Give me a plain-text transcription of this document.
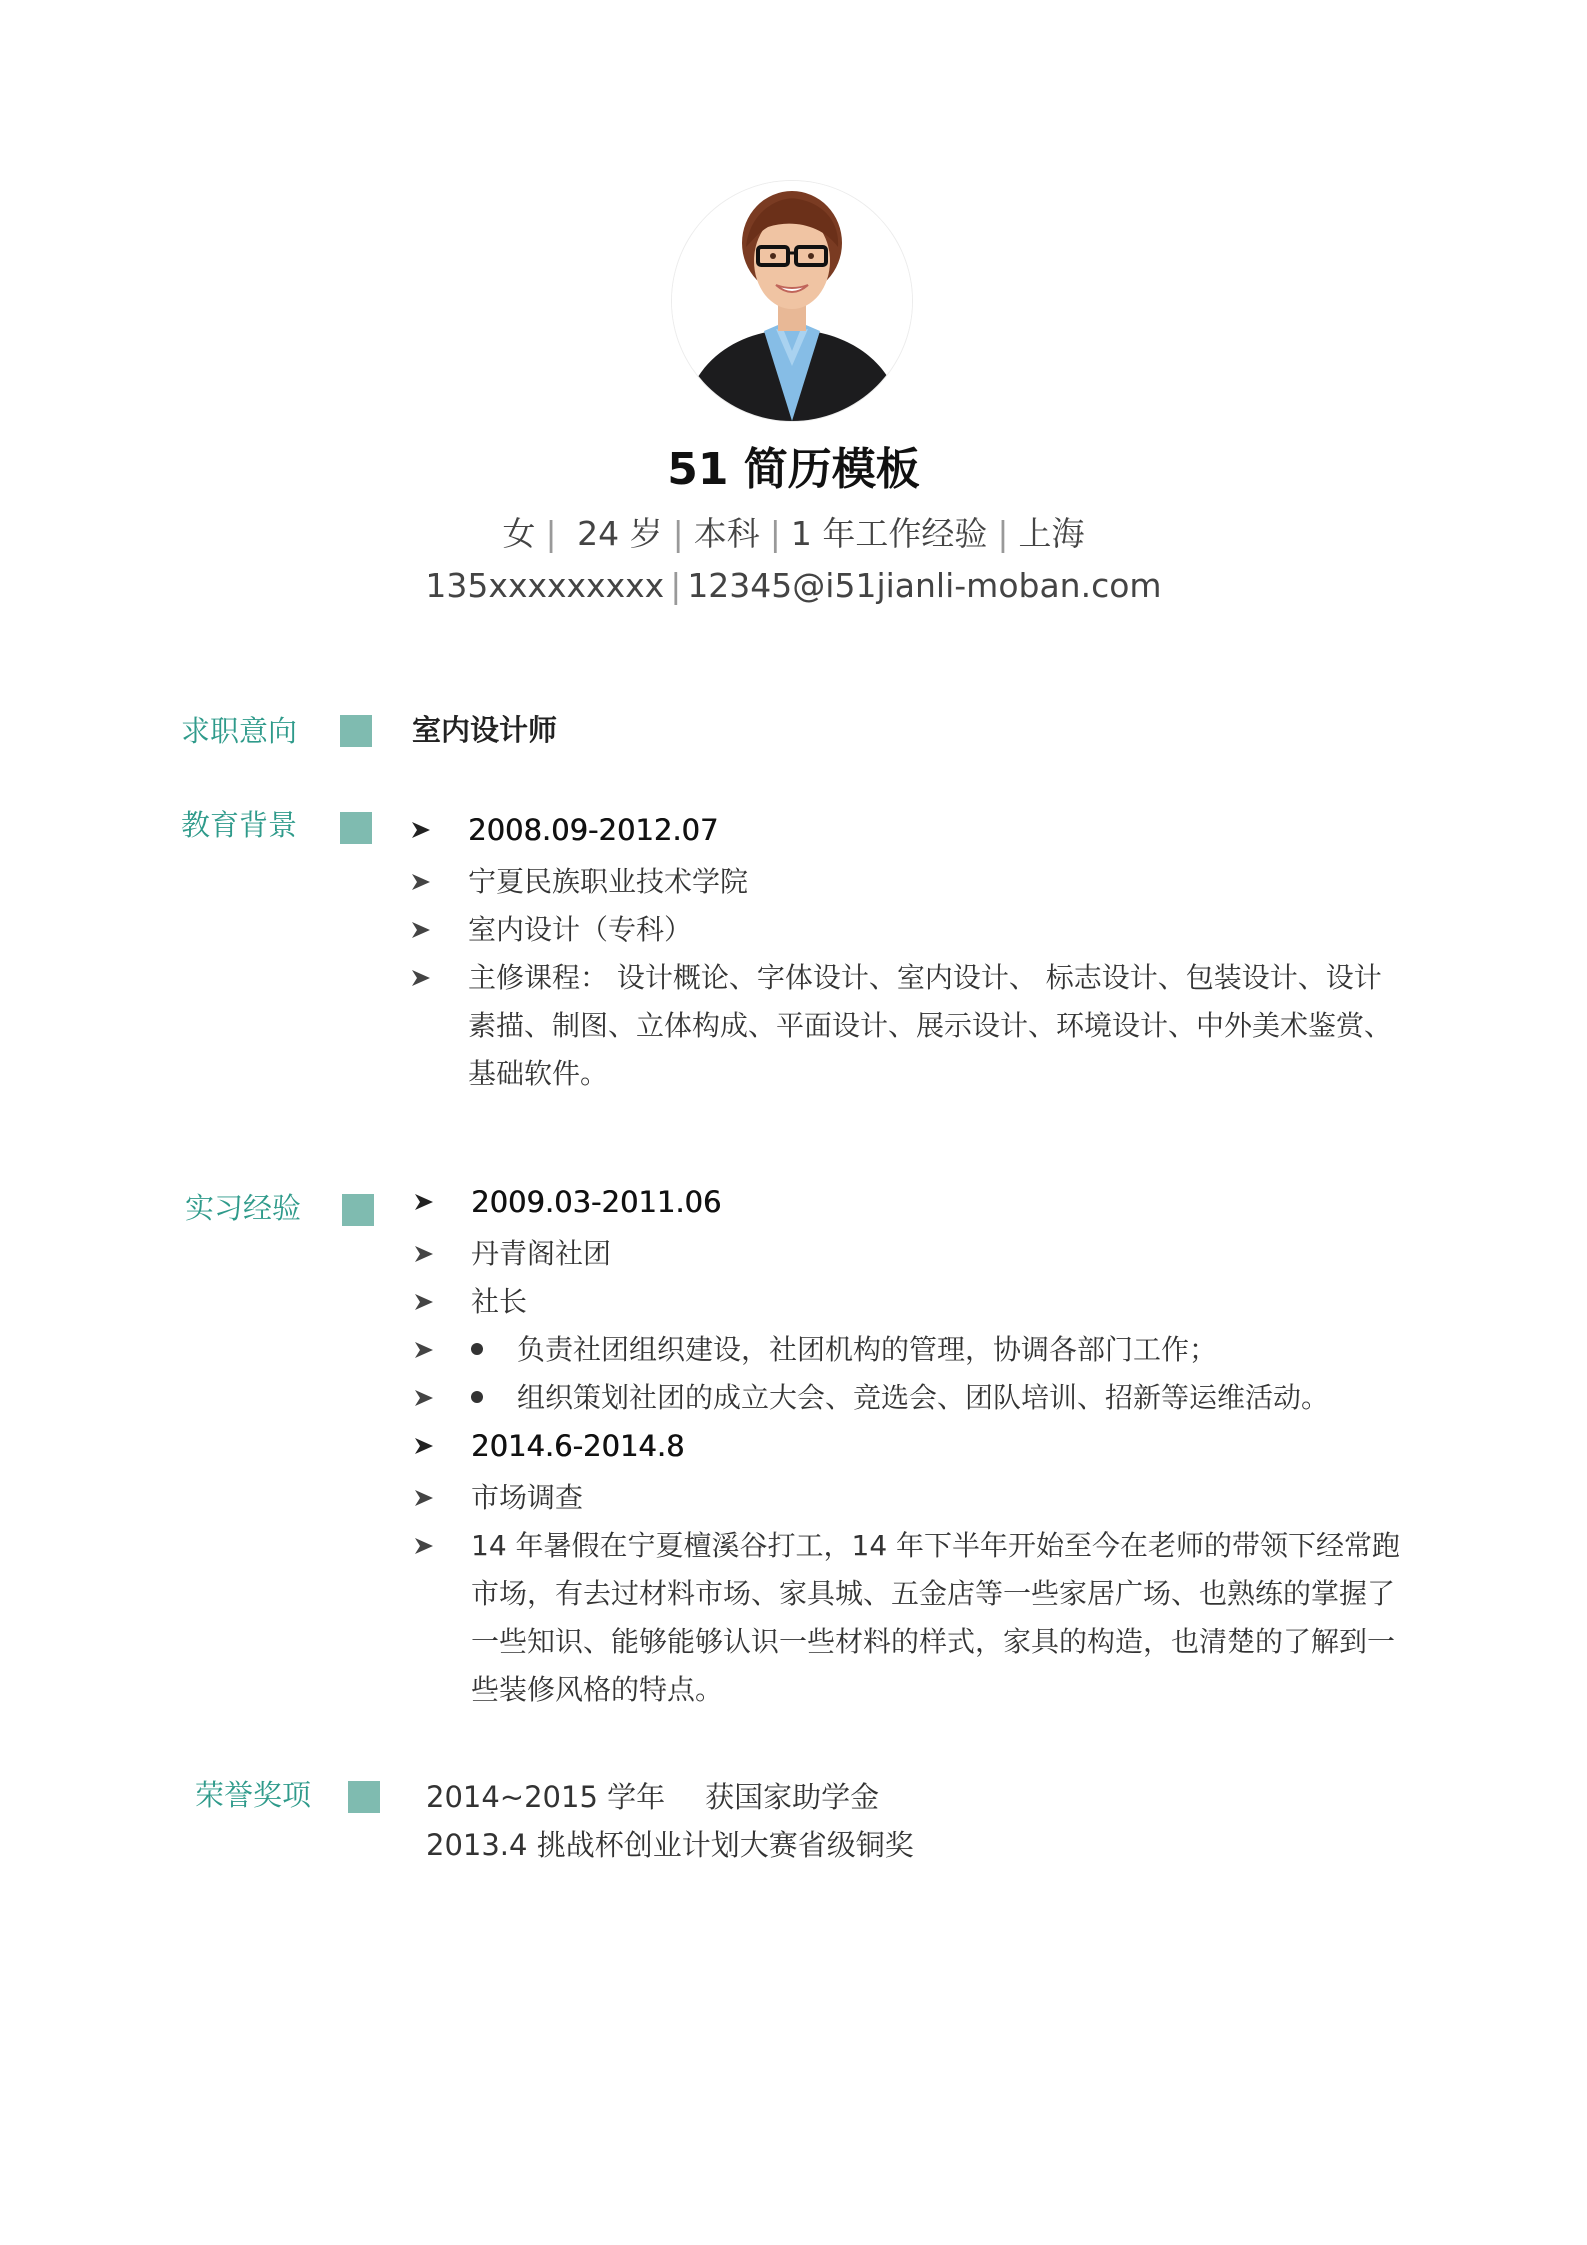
51 简历模板
女 | 24 岁 | 本科 | 1 年工作经验 | 上海
135xxxxxxxxx | 12345@i51jianli-moban.com
求职意向	室内设计师
教育背景	2008.09-2012.07
宁夏民族职业技术学院
室内设计（专科）
主修课程： 设计概论、字体设计、室内设计、 标志设计、包装设计、设计素描、制图、立体构成、平面设计、展示设计、环境设计、中外美术鉴赏、基础软件。
实习经验	2009.03-2011.06
丹青阁社团
社长
负责社团组织建设，社团机构的管理，协调各部门工作；
组织策划社团的成立大会、竞选会、团队培训、招新等运维活动。
2014.6-2014.8
市场调查
14 年暑假在宁夏檀溪谷打工，14 年下半年开始至今在老师的带领下经常跑市场，有去过材料市场、家具城、五金店等一些家居广场、也熟练的掌握了一些知识、能够能够认识一些材料的样式，家具的构造，也清楚的了解到一些装修风格的特点。
荣誉奖项	2014~2015 学年 获国家助学金
2013.4 挑战杯创业计划大赛省级铜奖
